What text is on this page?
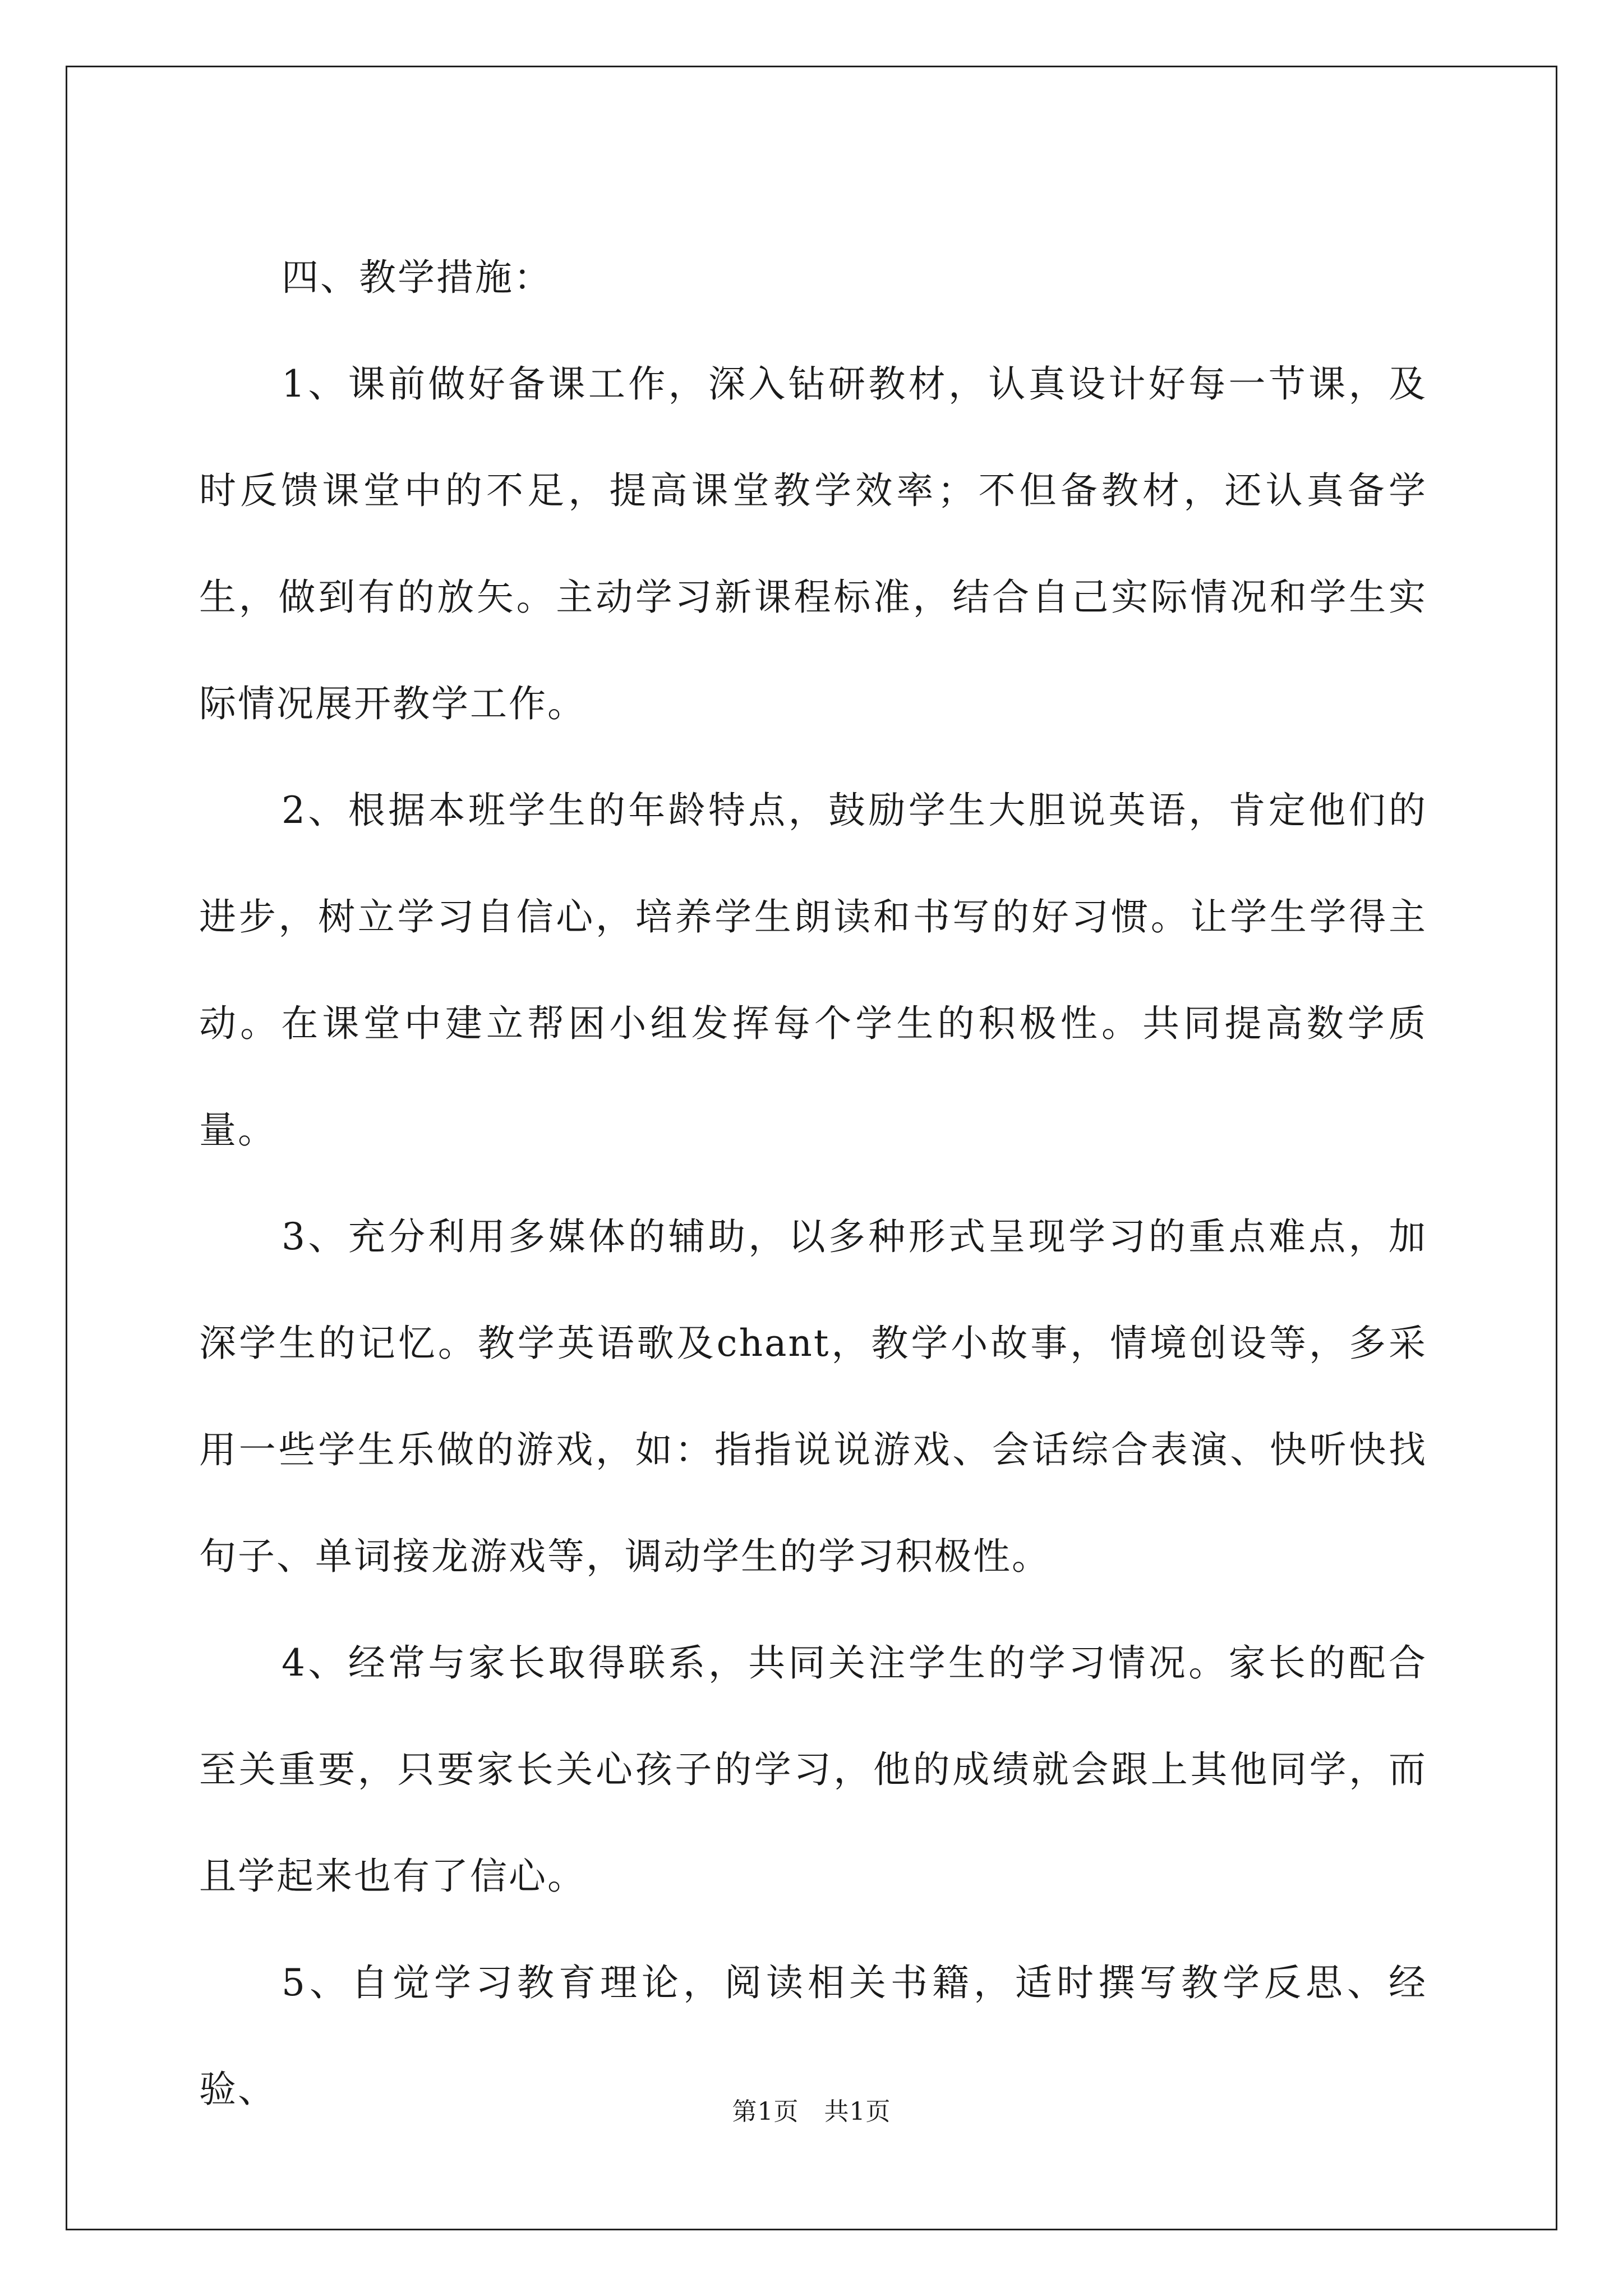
四、教学措施：

1、课前做好备课工作，深入钻研教材，认真设计好每一节课，及时反馈课堂中的不足，提高课堂教学效率；不但备教材，还认真备学生，做到有的放矢。主动学习新课程标准，结合自己实际情况和学生实际情况展开教学工作。

2、根据本班学生的年龄特点，鼓励学生大胆说英语，肯定他们的进步，树立学习自信心，培养学生朗读和书写的好习惯。让学生学得主动。在课堂中建立帮困小组发挥每个学生的积极性。共同提高数学质量。

3、充分利用多媒体的辅助，以多种形式呈现学习的重点难点，加深学生的记忆。教学英语歌及chant，教学小故事，情境创设等，多采用一些学生乐做的游戏，如：指指说说游戏、会话综合表演、快听快找句子、单词接龙游戏等，调动学生的学习积极性。

4、经常与家长取得联系，共同关注学生的学习情况。家长的配合至关重要，只要家长关心孩子的学习，他的成绩就会跟上其他同学，而且学起来也有了信心。

5、自觉学习教育理论，阅读相关书籍，适时撰写教学反思、经验、

第1页　共1页
